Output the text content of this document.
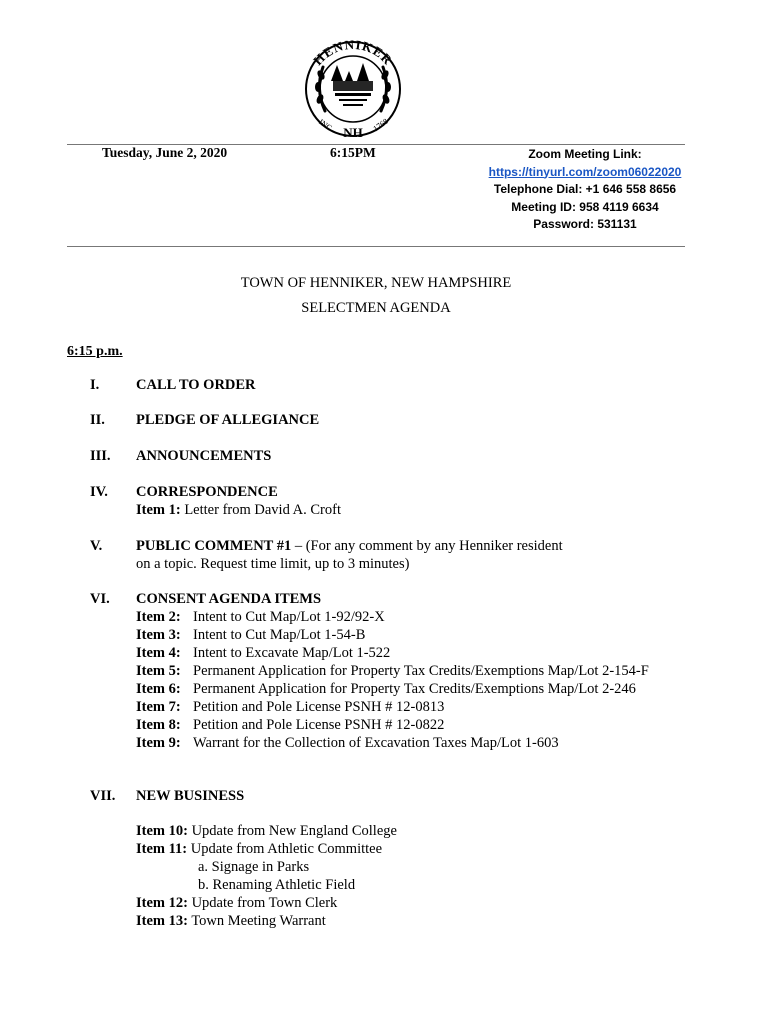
HENNIKER
NH
INC	1768
Tuesday, June 2, 2020	6:15PM	Zoom Meeting Link:
https://tinyurl.com/zoom06022020
Telephone Dial: +1 646 558 8656
Meeting ID: 958 4119 6634
Password: 531131
TOWN OF HENNIKER, NEW HAMPSHIRE
SELECTMEN AGENDA
6:15 p.m.
I.	CALL TO ORDER
II. PLEDGE OF ALLEGIANCE
III. ANNOUNCEMENTS
IV. CORRESPONDENCE
Item 1: Letter from David A. Croft
V. PUBLIC COMMENT #1 – (For any comment by any Henniker resident
on a topic. Request time limit, up to 3 minutes)
VI. CONSENT AGENDA ITEMS
Item 2: Intent to Cut Map/Lot 1-92/92-X
Item 3: Intent to Cut Map/Lot 1-54-B
Item 4: Intent to Excavate Map/Lot 1-522
Item 5: Permanent Application for Property Tax Credits/Exemptions Map/Lot 2-154-F
Item 6: Permanent Application for Property Tax Credits/Exemptions Map/Lot 2-246
Item 7: Petition and Pole License PSNH # 12-0813
Item 8: Petition and Pole License PSNH # 12-0822
Item 9: Warrant for the Collection of Excavation Taxes Map/Lot 1-603
VII. NEW BUSINESS
Item 10: Update from New England College
Item 11: Update from Athletic Committee
a. Signage in Parks
b. Renaming Athletic Field
Item 12: Update from Town Clerk
Item 13: Town Meeting Warrant
